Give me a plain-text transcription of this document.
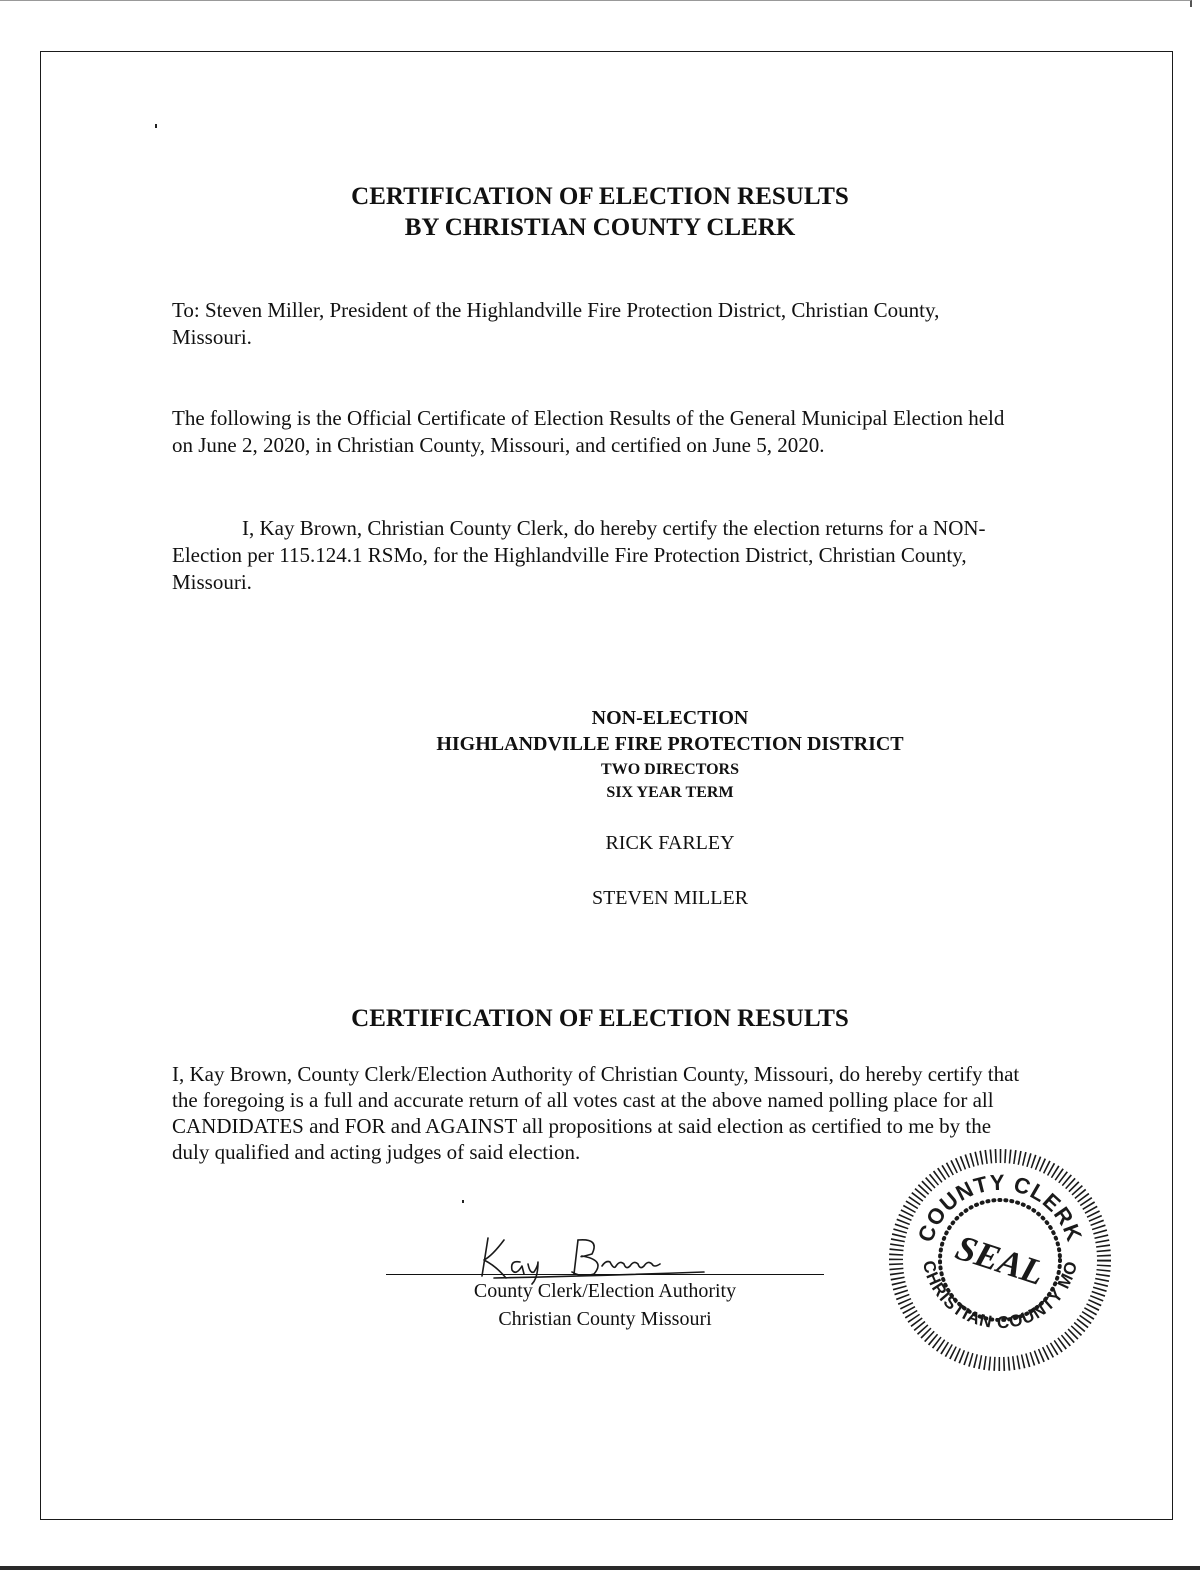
CERTIFICATION OF ELECTION RESULTS
BY CHRISTIAN COUNTY CLERK

To: Steven Miller, President of the Highlandville Fire Protection District, Christian County, Missouri.

The following is the Official Certificate of Election Results of the General Municipal Election held on June 2, 2020, in Christian County, Missouri, and certified on June 5, 2020.

I, Kay Brown, Christian County Clerk, do hereby certify the election returns for a NON-Election per 115.124.1 RSMo, for the Highlandville Fire Protection District, Christian County, Missouri.

NON-ELECTION

HIGHLANDVILLE FIRE PROTECTION DISTRICT

TWO DIRECTORS

SIX YEAR TERM

RICK FARLEY

STEVEN MILLER

CERTIFICATION OF ELECTION RESULTS

I, Kay Brown, County Clerk/Election Authority of Christian County, Missouri, do hereby certify that the foregoing is a full and accurate return of all votes cast at the above named polling place for all CANDIDATES and FOR and AGAINST all propositions at said election as certified to me by the duly qualified and acting judges of said election.

County Clerk/Election Authority

Christian County Missouri

COUNTY CLERK
CHRISTIAN COUNTY MO
SEAL
